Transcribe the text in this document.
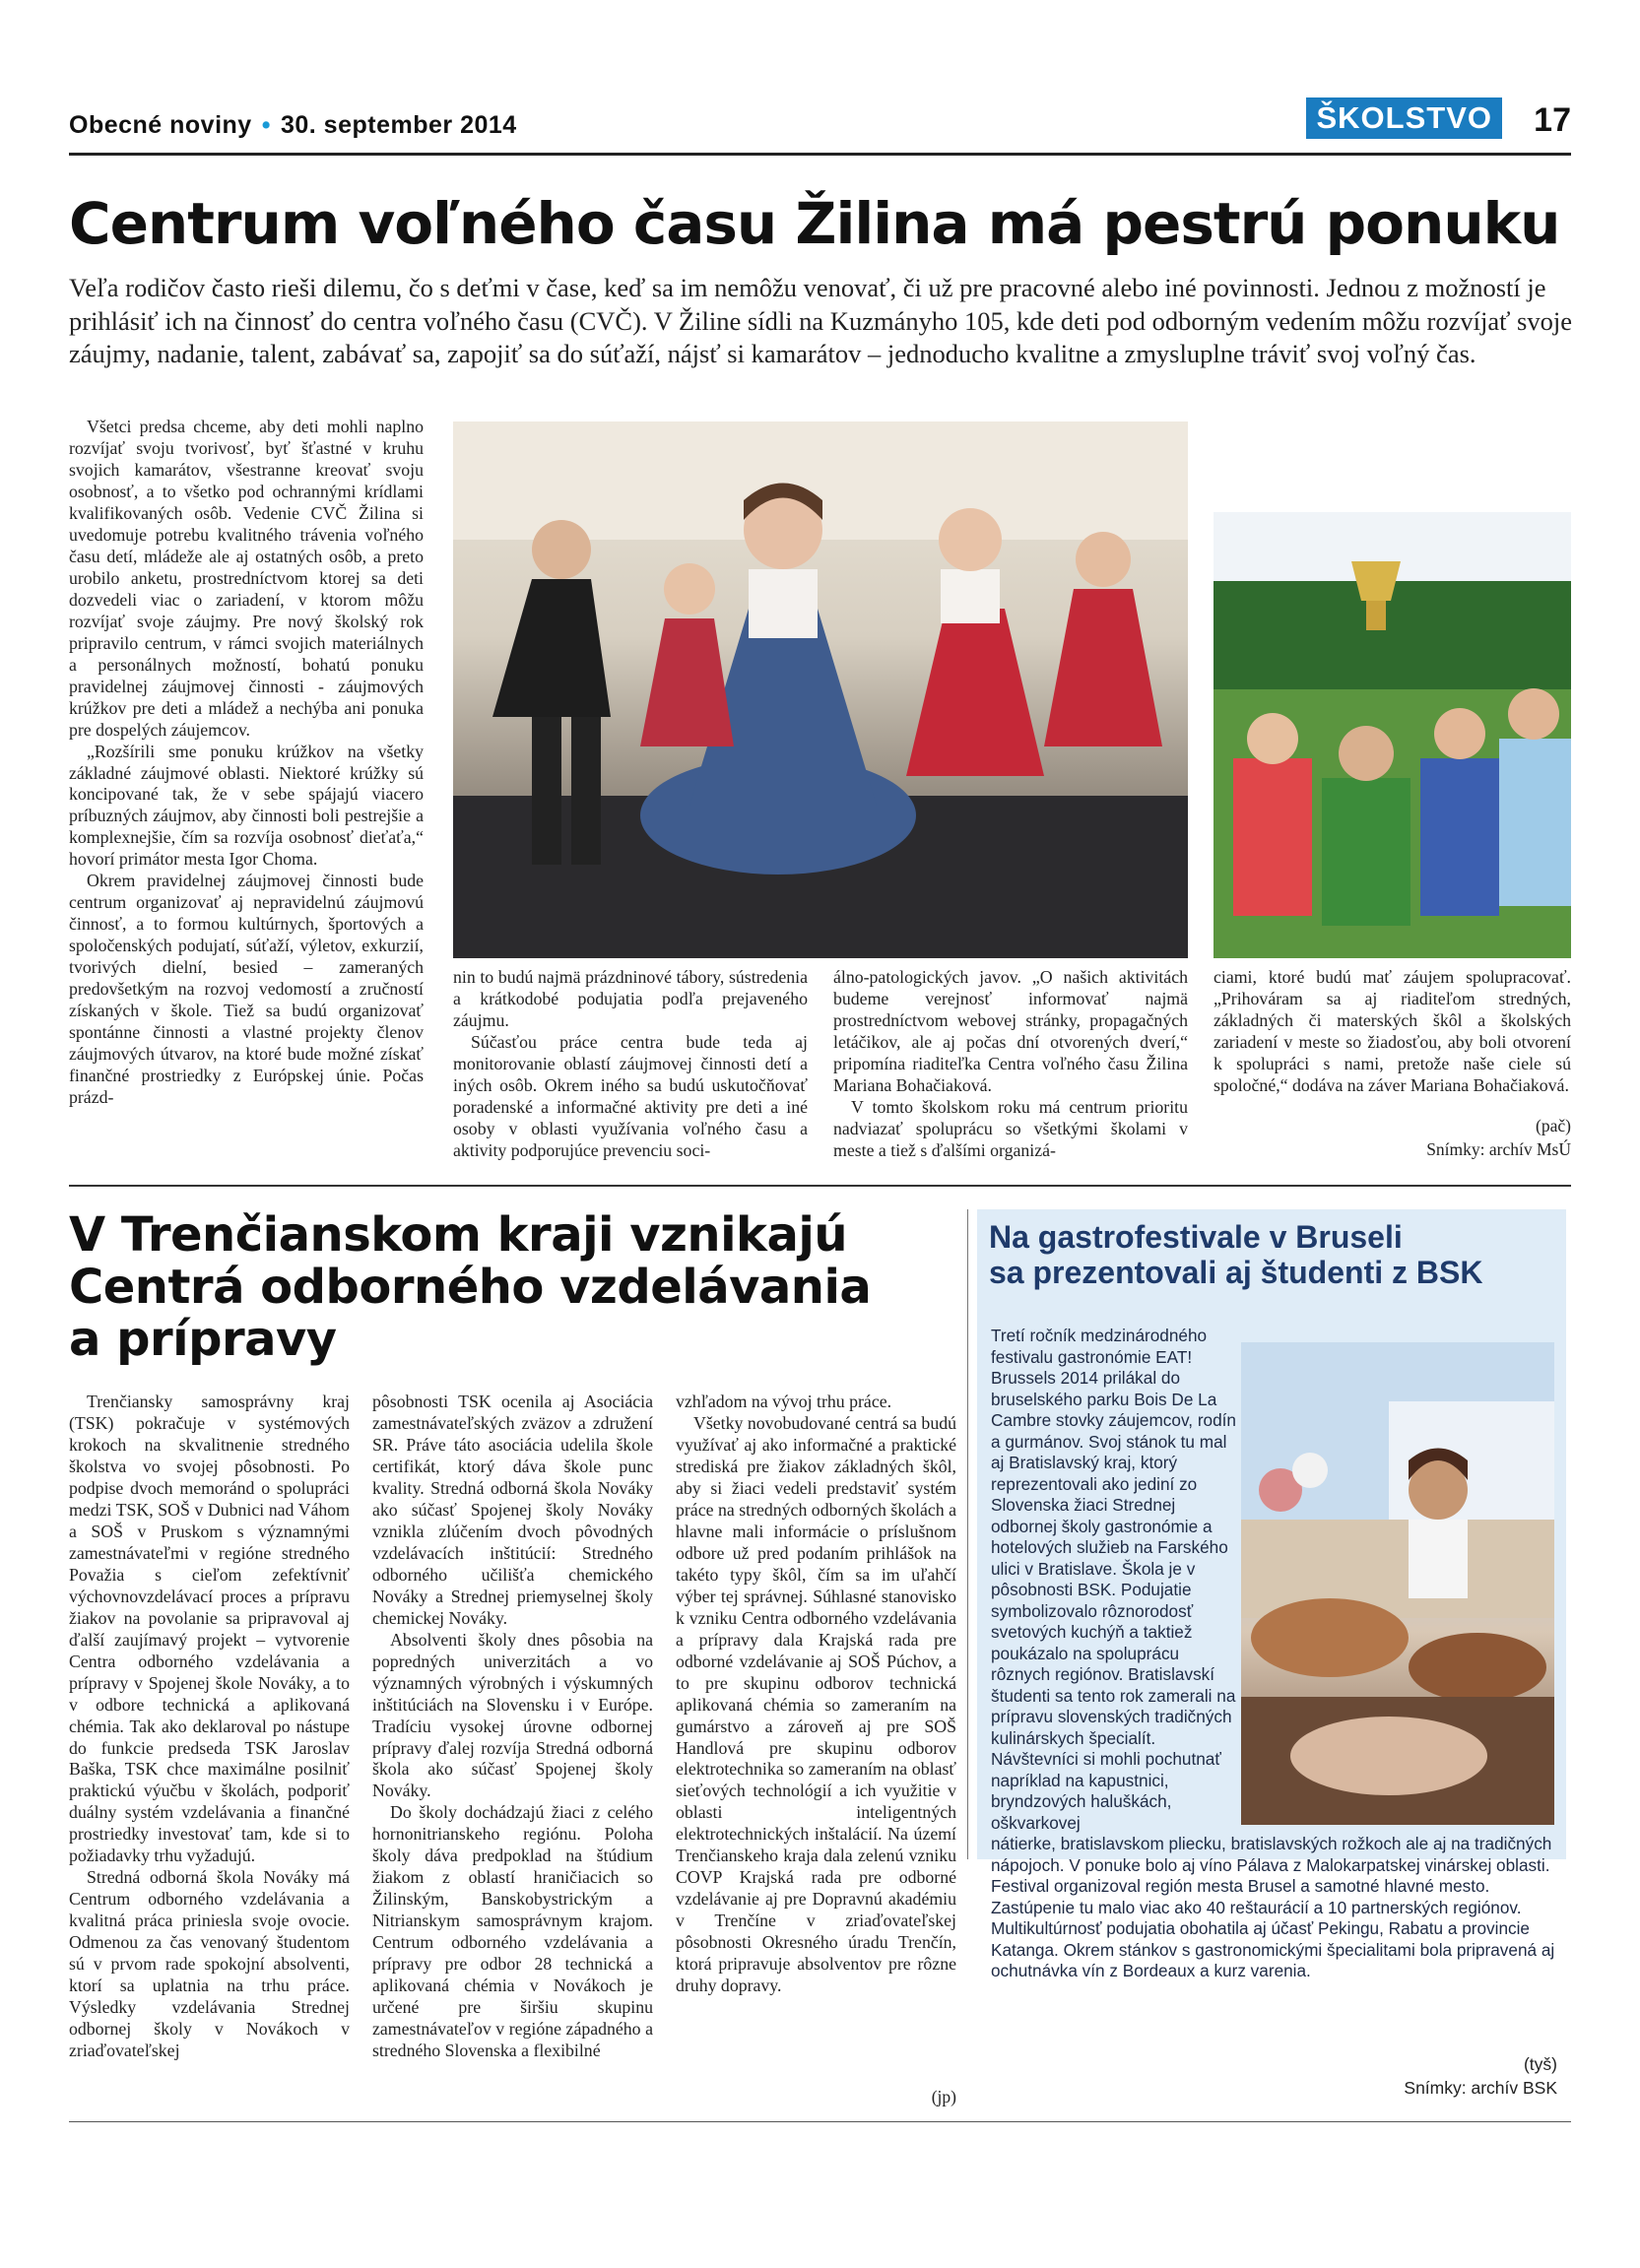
Obecné noviny • 30. september 2014	ŠKOLSTVO 17
Centrum voľného času Žilina má pestrú ponuku

Veľa rodičov často rieši dilemu, čo s deťmi v čase, keď sa im nemôžu venovať, či už pre pracovné alebo iné povinnosti. Jednou z možností je prihlásiť ich na činnosť do centra voľného času (CVČ). V Žiline sídli na Kuzmányho 105, kde deti pod odborným vedením môžu rozvíjať svoje záujmy, nadanie, talent, zabávať sa, zapojiť sa do súťaží, nájsť si kamarátov – jednoducho kvalitne a zmysluplne tráviť svoj voľný čas.

Všetci predsa chceme, aby deti mohli naplno rozvíjať svoju tvorivosť, byť šťastné v kruhu svojich kamarátov, všestranne kreovať svoju osobnosť, a to všetko pod ochrannými krídlami kvalifikovaných osôb. Vedenie CVČ Žilina si uvedomuje potrebu kvalitného trávenia voľného času detí, mládeže ale aj ostatných osôb, a preto urobilo anketu, prostredníctvom ktorej sa deti dozvedeli viac o zariadení, v ktorom môžu rozvíjať svoje záujmy. Pre nový školský rok pripravilo centrum, v rámci svojich materiálnych a personálnych možností, bohatú ponuku pravidelnej záujmovej činnosti - záujmových krúžkov pre deti a mládež a nechýba ani ponuka pre dospelých záujemcov.

„Rozšírili sme ponuku krúžkov na všetky základné záujmové oblasti. Niektoré krúžky sú koncipované tak, že v sebe spájajú viacero príbuzných záujmov, aby činnosti boli pestrejšie a komplexnejšie, čím sa rozvíja osobnosť dieťaťa,“ hovorí primátor mesta Igor Choma.

Okrem pravidelnej záujmovej činnosti bude centrum organizovať aj nepravidelnú záujmovú činnosť, a to formou kultúrnych, športových a spoločenských podujatí, súťaží, výletov, exkurzií, tvorivých dielní, besied – zameraných predovšetkým na rozvoj vedomostí a zručností získaných v škole. Tiež sa budú organizovať spontánne činnosti a vlastné projekty členov záujmových útvarov, na ktoré bude možné získať finančné prostriedky z Európskej únie. Počas prázd-

nin to budú najmä prázdninové tábory, sústredenia a krátkodobé podujatia podľa prejaveného záujmu.

Súčasťou práce centra bude teda aj monitorovanie oblastí záujmovej činnosti detí a iných osôb. Okrem iného sa budú uskutočňovať poradenské a informačné aktivity pre deti a iné osoby v oblasti využívania voľného času a aktivity podporujúce prevenciu soci-

álno-patologických javov. „O našich aktivitách budeme verejnosť informovať najmä prostredníctvom webovej stránky, propagačných letáčikov, ale aj počas dní otvorených dverí,“ pripomína riaditeľka Centra voľného času Žilina Mariana Bohačiaková.

V tomto školskom roku má centrum prioritu nadviazať spoluprácu so všetkými školami v meste a tiež s ďalšími organizá-

ciami, ktoré budú mať záujem spolupracovať. „Prihováram sa aj riaditeľom stredných, základných či materských škôl a školských zariadení v meste so žiadosťou, aby boli otvorení k spolupráci s nami, pretože naše ciele sú spoločné,“ dodáva na záver Mariana Bohačiaková.

(pač)
Snímky: archív MsÚ
V Trenčianskom kraji vznikajú
Centrá odborného vzdelávania
a prípravy

Trenčiansky samosprávny kraj (TSK) pokračuje v systémových krokoch na skvalitnenie stredného školstva vo svojej pôsobnosti. Po podpise dvoch memoránd o spolupráci medzi TSK, SOŠ v Dubnici nad Váhom a SOŠ v Pruskom s významnými zamestnávateľmi v regióne stredného Považia s cieľom zefektívniť výchovnovzdelávací proces a prípravu žiakov na povolanie sa pripravoval aj ďalší zaujímavý projekt – vytvorenie Centra odborného vzdelávania a prípravy v Spojenej škole Nováky, a to v odbore technická a aplikovaná chémia. Tak ako deklaroval po nástupe do funkcie predseda TSK Jaroslav Baška, TSK chce maximálne posilniť praktickú výučbu v školách, podporiť duálny systém vzdelávania a finančné prostriedky investovať tam, kde si to požiadavky trhu vyžadujú.

Stredná odborná škola Nováky má Centrum odborného vzdelávania a kvalitná práca priniesla svoje ovocie. Odmenou za čas venovaný študentom sú v prvom rade spokojní absolventi, ktorí sa uplatnia na trhu práce. Výsledky vzdelávania Strednej odbornej školy v Novákoch v zriaďovateľskej

pôsobnosti TSK ocenila aj Asociácia zamestnávateľských zväzov a združení SR. Práve táto asociácia udelila škole certifikát, ktorý dáva škole punc kvality. Stredná odborná škola Nováky ako súčasť Spojenej školy Nováky vznikla zlúčením dvoch pôvodných vzdelávacích inštitúcií: Stredného odborného učilišťa chemického Nováky a Strednej priemyselnej školy chemickej Nováky.

Absolventi školy dnes pôsobia na popredných univerzitách a vo významných výrobných i výskumných inštitúciách na Slovensku i v Európe. Tradíciu vysokej úrovne odbornej prípravy ďalej rozvíja Stredná odborná škola ako súčasť Spojenej školy Nováky.

Do školy dochádzajú žiaci z celého hornonitrianskeho regiónu. Poloha školy dáva predpoklad na štúdium žiakom z oblastí hraničiacich so Žilinským, Banskobystrickým a Nitrianskym samosprávnym krajom. Centrum odborného vzdelávania a prípravy pre odbor 28 technická a aplikovaná chémia v Novákoch je určené pre širšiu skupinu zamestnávateľov v regióne západného a stredného Slovenska a flexibilné

vzhľadom na vývoj trhu práce.

Všetky novobudované centrá sa budú využívať aj ako informačné a praktické strediská pre žiakov základných škôl, aby si žiaci vedeli predstaviť systém práce na stredných odborných školách a hlavne mali informácie o príslušnom odbore už pred podaním prihlášok na takéto typy škôl, čím sa im uľahčí výber tej správnej. Súhlasné stanovisko k vzniku Centra odborného vzdelávania a prípravy dala Krajská rada pre odborné vzdelávanie aj SOŠ Púchov, a to pre skupinu odborov technická aplikovaná chémia so zameraním na gumárstvo a zároveň aj pre SOŠ Handlová pre skupinu odborov elektrotechnika so zameraním na oblasť sieťových technológií a ich využitie v oblasti inteligentných elektrotechnických inštalácií. Na území Trenčianskeho kraja dala zelenú vzniku COVP Krajská rada pre odborné vzdelávanie aj pre Dopravnú akadémiu v Trenčíne v zriaďovateľskej pôsobnosti Okresného úradu Trenčín, ktorá pripravuje absolventov pre rôzne druhy dopravy.

(jp)
Na gastrofestivale v Bruseli
sa prezentovali aj študenti z BSK

Tretí ročník medzinárodného festivalu gastronómie EAT! Brussels 2014 prilákal do bruselského parku Bois De La Cambre stovky záujemcov, rodín a gurmánov. Svoj stánok tu mal aj Bratislavský kraj, ktorý reprezentovali ako jediní zo Slovenska žiaci Strednej odbornej školy gastronómie a hotelových služieb na Farského ulici v Bratislave. Škola je v pôsobnosti BSK. Podujatie symbolizovalo rôznorodosť svetových kuchýň a taktiež poukázalo na spoluprácu rôznych regiónov. Bratislavskí študenti sa tento rok zamerali na prípravu slovenských tradičných kulinárskych špecialít. Návštevníci si mohli pochutnať napríklad na kapustnici, bryndzových haluškách, oškvarkovej

nátierke, bratislavskom pliecku, bratislavských rožkoch ale aj na tradičných nápojoch. V ponuke bolo aj víno Pálava z Malokarpatskej vinárskej oblasti.

Festival organizoval región mesta Brusel a samotné hlavné mesto. Zastúpenie tu malo viac ako 40 reštaurácií a 10 partnerských regiónov. Multikultúrnosť podujatia obohatila aj účasť Pekingu, Rabatu a provincie Katanga. Okrem stánkov s gastronomickými špecialitami bola pripravená aj ochutnávka vín z Bordeaux a kurz varenia.

(tyš)
Snímky: archív BSK
